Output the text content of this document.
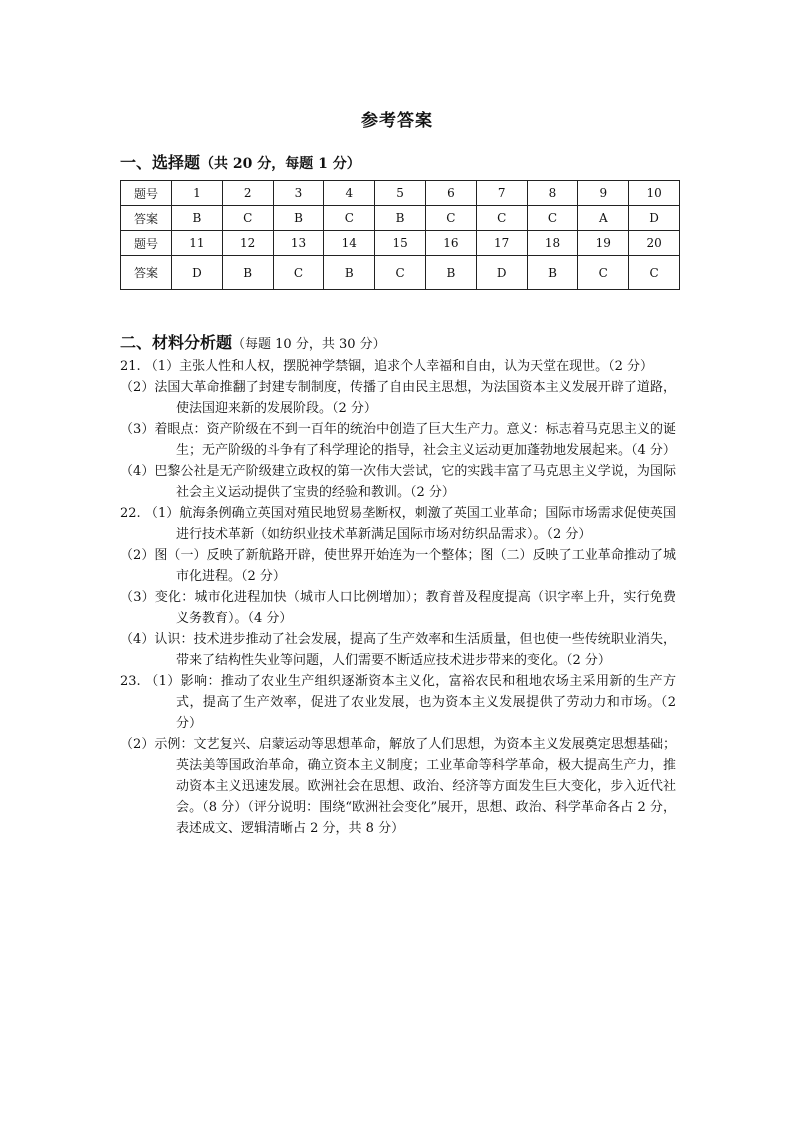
参考答案
一、选择题（共 20 分，每题 1 分）
题号	1	2	3	4	5	6	7	8	9	10
答案	B	C	B	C	B	C	C	C	A	D
题号	11	12	13	14	15	16	17	18	19	20
答案	D	B	C	B	C	B	D	B	C	C
二、材料分析题（每题 10 分，共 30 分）

21. （1）主张人性和人权，摆脱神学禁锢，追求个人幸福和自由，认为天堂在现世。（2 分）

（2）法国大革命推翻了封建专制制度，传播了自由民主思想，为法国资本主义发展开辟了道路，使法国迎来新的发展阶段。（2 分）

（3）着眼点：资产阶级在不到一百年的统治中创造了巨大生产力。意义：标志着马克思主义的诞生；无产阶级的斗争有了科学理论的指导，社会主义运动更加蓬勃地发展起来。（4 分）

（4）巴黎公社是无产阶级建立政权的第一次伟大尝试，它的实践丰富了马克思主义学说，为国际社会主义运动提供了宝贵的经验和教训。（2 分）

22. （1）航海条例确立英国对殖民地贸易垄断权，刺激了英国工业革命；国际市场需求促使英国进行技术革新（如纺织业技术革新满足国际市场对纺织品需求）。（2 分）

（2）图（一）反映了新航路开辟，使世界开始连为一个整体；图（二）反映了工业革命推动了城市化进程。（2 分）

（3）变化：城市化进程加快（城市人口比例增加）；教育普及程度提高（识字率上升，实行免费义务教育）。（4 分）

（4）认识：技术进步推动了社会发展，提高了生产效率和生活质量，但也使一些传统职业消失，带来了结构性失业等问题，人们需要不断适应技术进步带来的变化。（2 分）

23. （1）影响：推动了农业生产组织逐渐资本主义化，富裕农民和租地农场主采用新的生产方式，提高了生产效率，促进了农业发展，也为资本主义发展提供了劳动力和市场。（2 分）

（2）示例：文艺复兴、启蒙运动等思想革命，解放了人们思想，为资本主义发展奠定思想基础；英法美等国政治革命，确立资本主义制度；工业革命等科学革命，极大提高生产力，推动资本主义迅速发展。欧洲社会在思想、政治、经济等方面发生巨大变化，步入近代社会。（8 分）（评分说明：围绕“欧洲社会变化”展开，思想、政治、科学革命各占 2 分，表述成文、逻辑清晰占 2 分，共 8 分）
